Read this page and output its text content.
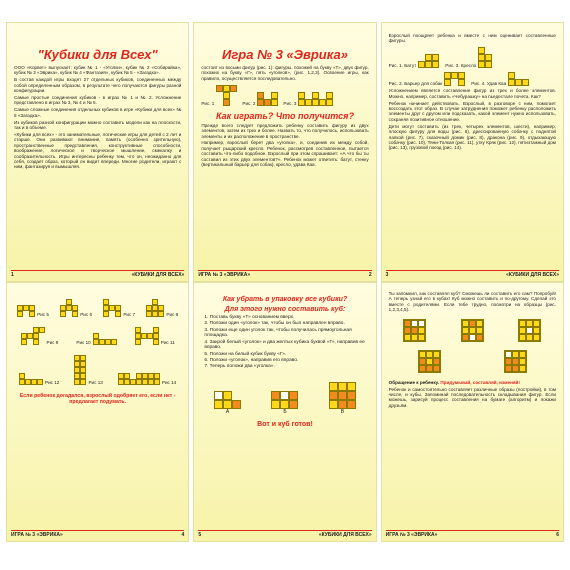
"Кубики для Всех"

ООО «Корвет» выпускает: кубик № 1 - «Уголки», кубик № 2 «Собирайка», кубик № 3 «Эврика», кубик № 4 «Фантазия», кубик № 5 - «Загадка».

В состав каждой игры входят 27 отдельных кубиков, соединенных между собой определенным образом, в результате чего получаются фигуры разной конфигурации.

Самые простые соединения кубиков - в играх № 1 и № 2. Усложнение представлено в играх № 3, № 4 и № 5.

Самые сложные соединения отдельных кубиков в игре «Кубики для всех» № 5 «Загадка».

Из кубиков разной конфигурации можно составить модели как на плоскости, так и в объеме.

«Кубики для всех» - это занимательные, логические игры для детей с 2 лет и старше. Они развивают внимание, память (особенно зрительную), пространственные представления, конструктивные способности, воображение, логическое и творческое мышление, смекалку и сообразительность. Игры интересны ребенку тем, что он, неожиданно для себя, создает образ, который он видит впереди. Многие родители, играют с ним, фантазируя и вымышляя.

1	«КУБИКИ ДЛЯ ВСЕХ»
Игра № 3 «Эврика»

состоит из восьми фигур (рис. 1): фигуры, похожей на букву «Т», двух фигур, похожих на букву «Г», пять «уголков», (рис. 1,2,3). Освоение игры, как правило, осуществляется последовательно.

Рис. 1	Рис. 2	Рис. 3
Как играть? Что получится?

Прежде всего следует предложить ребенку составить фигуру из двух элементов, затем из трех и более. Назвать то, что получилось, использовать элементы и их расположение в пространстве.

Например, взрослый берет два «уголка», и, соединив их между собой, получает рыцарский кресло. Ребенок, рассмотрев составленное, пытается составить что-либо подобное. Взрослый при этом спрашивает: «А что бы ты составил из этих двух элементов?». Ребенок может ответить: батут, стенку (вертикальный барьер для собак), кресло, удава Каа.

ИГРА № 3 «ЭВРИКА»	2

Взрослый поощряет ребенка и вместе с ним оценивает составленные фигуры.

Рис. 1. Батут	Рис. 3. Кресло
Рис. 2. Барьер для собак	Рис. 4. Удав Каа

Усложнением является составление фигур из трех и более элементов. Можно, например, составить «Чебурашку» на пьедестале почета. Как?

Ребенок начинает действовать. Взрослый, в разговоре с ним, помогает воссоздать этот образ. В случае затруднения поможет ребенку расположить элементы друг с другом или подсказать, какой элемент нужно использовать, сохраняя позитивное отношение.

Дети могут составить (из трех, четырех элементов, шести), например, плоскую фигуру для воды (рис. 6), дрессированную собачку с поднятой лапкой (рис. 7), сказочный домик (рис. 8), дракона (рис. 9), отдыхающую собачку (рис. 10), Тяни-Толкая (рис. 11), утку Кряк (рис. 12), пятиэтажный дом (рис. 13), грузовой поезд (рис. 14).

3	«КУБИКИ ДЛЯ ВСЕХ»
Рис 5	Рис 6	Рис 7	Рис 8
Рис 9	Рис 10	Рис 11
Рис 12	Рис 13	Рис 14
Если ребенок догадался, взрослый одобряет его, если нет - предлагает подумать.
ИГРА № 3 «ЭВРИКА»	4
Как убрать в упаковку все кубики?
Для этого нужно составить куб:
1. Поставь букву «Т» основанием вверх.
2. Положи один «уголок» так, чтобы он был направлен вправо.
3. Положи еще один уголок так, чтобы получилась прямоугольная площадка.
4. Закрой белый «уголок» и два желтых кубика буквой «Г», направив ее вправо.
5. Положи на белый кубик букву «Г».
6. Положи «уголок», направив его вправо.
7. Теперь положи два «уголка».
А	Б	В
Вот и куб готов!
5	«КУБИКИ ДЛЯ ВСЕХ»

Ты запомнил, как составлял куб? Сможешь ли составить его сам? Попробуй! А теперь узнай его в кубах! Куб можно составить и по-другому. Сделай это вместе с родителями. Если тебе трудно, посмотри на образцы (рис. 1,2,3,4,5).

Обращение к ребенку. Придумывай, составляй, изменяй!

Ребенок и самостоятельно составляет различные образы (постройки), в том числе, и кубы. Запоминай последовательность складывания фигур. Если можешь, зарисуй процесс составления на бумаге (алгоритм) и покажи друзьям.

ИГРА № 3 «ЭВРИКА»	6
